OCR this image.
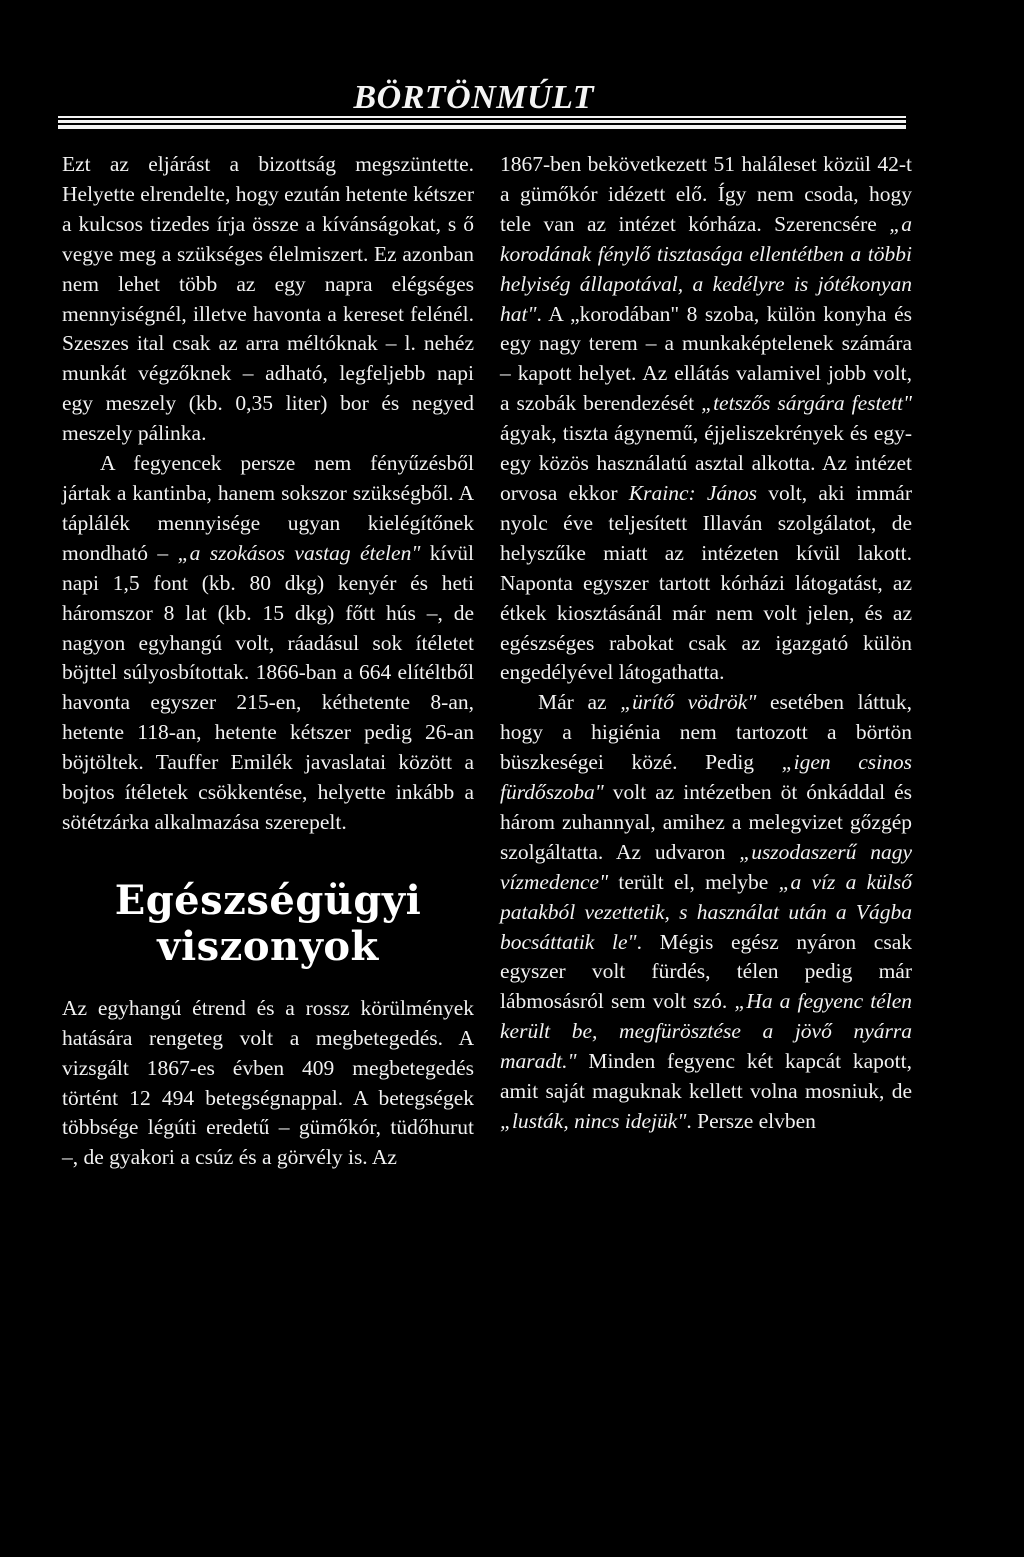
BÖRTÖNMÚLT

Ezt az eljárást a bizottság megszüntette. Helyette elrendelte, hogy ezután hetente kétszer a kulcsos tizedes írja össze a kívánságokat, s ő vegye meg a szükséges élelmiszert. Ez azonban nem lehet több az egy napra elégséges mennyiségnél, illetve havonta a kereset felénél. Szeszes ital csak az arra méltóknak – l. nehéz munkát végzőknek – adható, legfeljebb napi egy meszely (kb. 0,35 liter) bor és negyed meszely pálinka.

A fegyencek persze nem fényűzésből jártak a kantinba, hanem sokszor szükségből. A táplálék mennyisége ugyan kielégítőnek mondható – „a szokásos vastag ételen" kívül napi 1,5 font (kb. 80 dkg) kenyér és heti háromszor 8 lat (kb. 15 dkg) főtt hús –, de nagyon egyhangú volt, ráadásul sok ítéletet böjttel súlyosbítottak. 1866-ban a 664 elítéltből havonta egyszer 215-en, kéthetente 8-an, hetente 118-an, hetente kétszer pedig 26-an böjtöltek. Tauffer Emilék javaslatai között a bojtos ítéletek csökkentése, helyette inkább a sötétzárka alkalmazása szerepelt.

Egészségügyi viszonyok

Az egyhangú étrend és a rossz körülmények hatására rengeteg volt a megbetegedés. A vizsgált 1867-es évben 409 megbetegedés történt 12 494 betegségnappal. A betegségek többsége légúti eredetű – gümőkór, tüdőhurut –, de gyakori a csúz és a görvély is. Az

1867-ben bekövetkezett 51 haláleset közül 42-t a gümőkór idézett elő. Így nem csoda, hogy tele van az intézet kórháza. Szerencsére „a korodának fénylő tisztasága ellentétben a többi helyiség állapotával, a kedélyre is jótékonyan hat". A „korodában" 8 szoba, külön konyha és egy nagy terem – a munkaképtelenek számára – kapott helyet. Az ellátás valamivel jobb volt, a szobák berendezését „tetszős sárgára festett" ágyak, tiszta ágynemű, éjjeliszekrények és egy-egy közös használatú asztal alkotta. Az intézet orvosa ekkor Krainc: János volt, aki immár nyolc éve teljesített Illaván szolgálatot, de helyszűke miatt az intézeten kívül lakott. Naponta egyszer tartott kórházi látogatást, az étkek kiosztásánál már nem volt jelen, és az egészséges rabokat csak az igazgató külön engedélyével látogathatta.

Már az „ürítő vödrök" esetében láttuk, hogy a higiénia nem tartozott a börtön büszkeségei közé. Pedig „igen csinos fürdőszoba" volt az intézetben öt ónkáddal és három zuhannyal, amihez a melegvizet gőzgép szolgáltatta. Az udvaron „uszodaszerű nagy vízmedence" terült el, melybe „a víz a külső patakból vezettetik, s használat után a Vágba bocsáttatik le". Mégis egész nyáron csak egyszer volt fürdés, télen pedig már lábmosásról sem volt szó. „Ha a fegyenc télen került be, megfürösztése a jövő nyárra maradt." Minden fegyenc két kapcát kapott, amit saját maguknak kellett volna mosniuk, de „lusták, nincs idejük". Persze elvben
